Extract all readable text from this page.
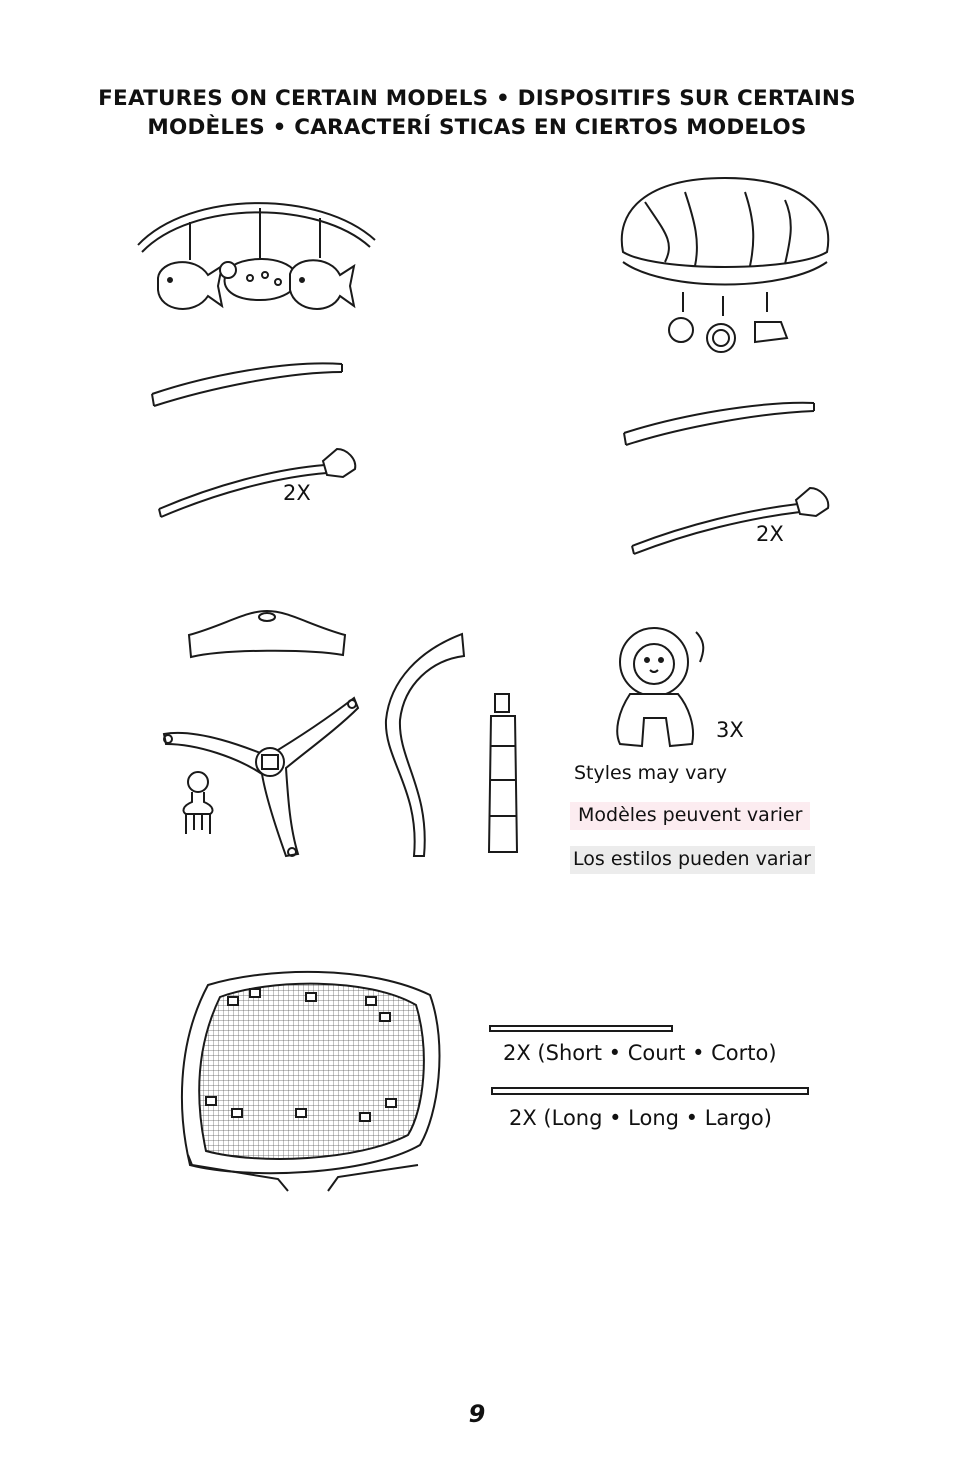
FEATURES ON CERTAIN MODELS • DISPOSITIFS SUR CERTAINS
MODÈLES • CARACTERÍ STICAS EN CIERTOS MODELOS
2X
2X
3X
Styles may vary
Modèles peuvent varier
Los estilos pueden variar
2X (Short • Court • Corto)
2X (Long • Long • Largo)
9
